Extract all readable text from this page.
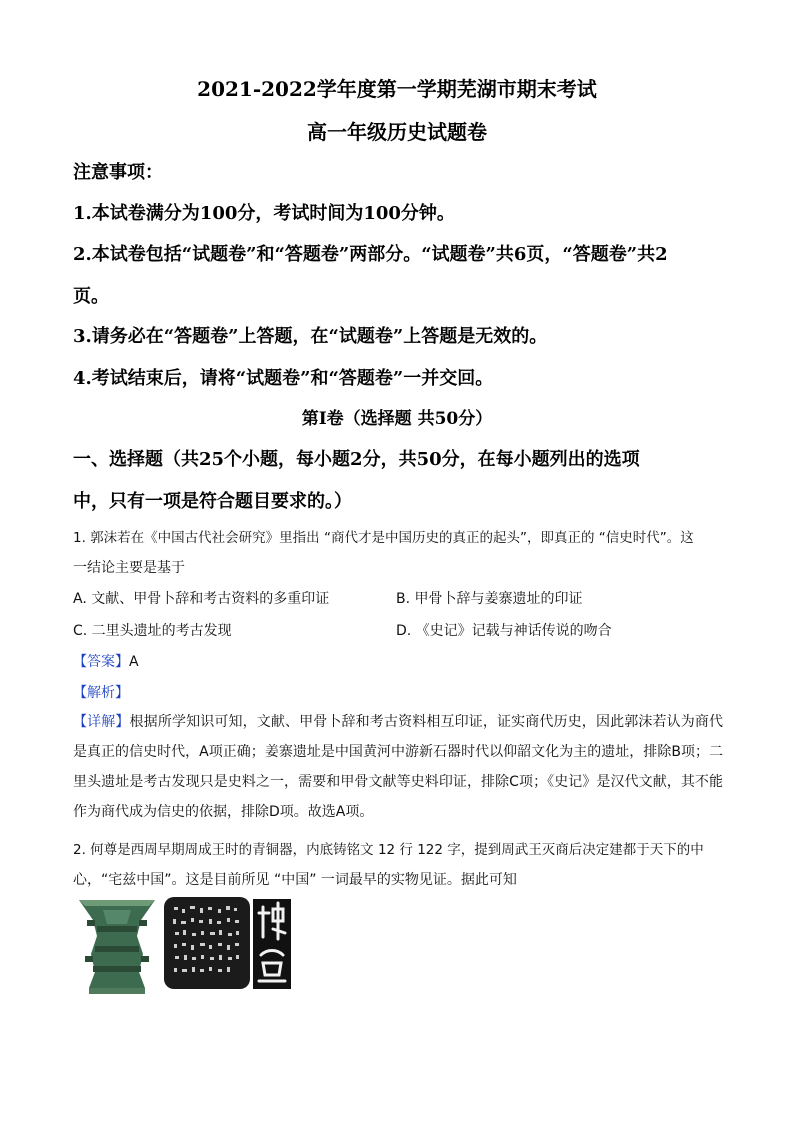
2021-2022学年度第一学期芜湖市期末考试
高一年级历史试题卷
注意事项：
1.本试卷满分为100分，考试时间为100分钟。
2.本试卷包括“试题卷”和“答题卷”两部分。“试题卷”共6页，“答题卷”共2
页。
3.请务必在“答题卷”上答题，在“试题卷”上答题是无效的。
4.考试结束后，请将“试题卷”和“答题卷”一并交回。
第I卷（选择题 共50分）
一、选择题（共25个小题，每小题2分，共50分，在每小题列出的选项
中，只有一项是符合题目要求的。）
1. 郭沫若在《中国古代社会研究》里指出 “商代才是中国历史的真正的起头”，即真正的 “信史时代”。这
一结论主要是基于
A. 文献、甲骨卜辞和考古资料的多重印证	B. 甲骨卜辞与姜寨遗址的印证
C. 二里头遗址的考古发现	D. 《史记》记载与神话传说的吻合
【答案】A
【解析】
【详解】根据所学知识可知，文献、甲骨卜辞和考古资料相互印证，证实商代历史，因此郭沫若认为商代是真正的信史时代，A项正确；姜寨遗址是中国黄河中游新石器时代以仰韶文化为主的遗址，排除B项；二里头遗址是考古发现只是史料之一，需要和甲骨文献等史料印证，排除C项；《史记》是汉代文献，其不能作为商代成为信史的依据，排除D项。故选A项。
2. 何尊是西周早期周成王时的青铜器，内底铸铭文 12 行 122 字，提到周武王灭商后决定建都于天下的中
心，“宅兹中国”。这是目前所见 “中国” 一词最早的实物见证。据此可知
